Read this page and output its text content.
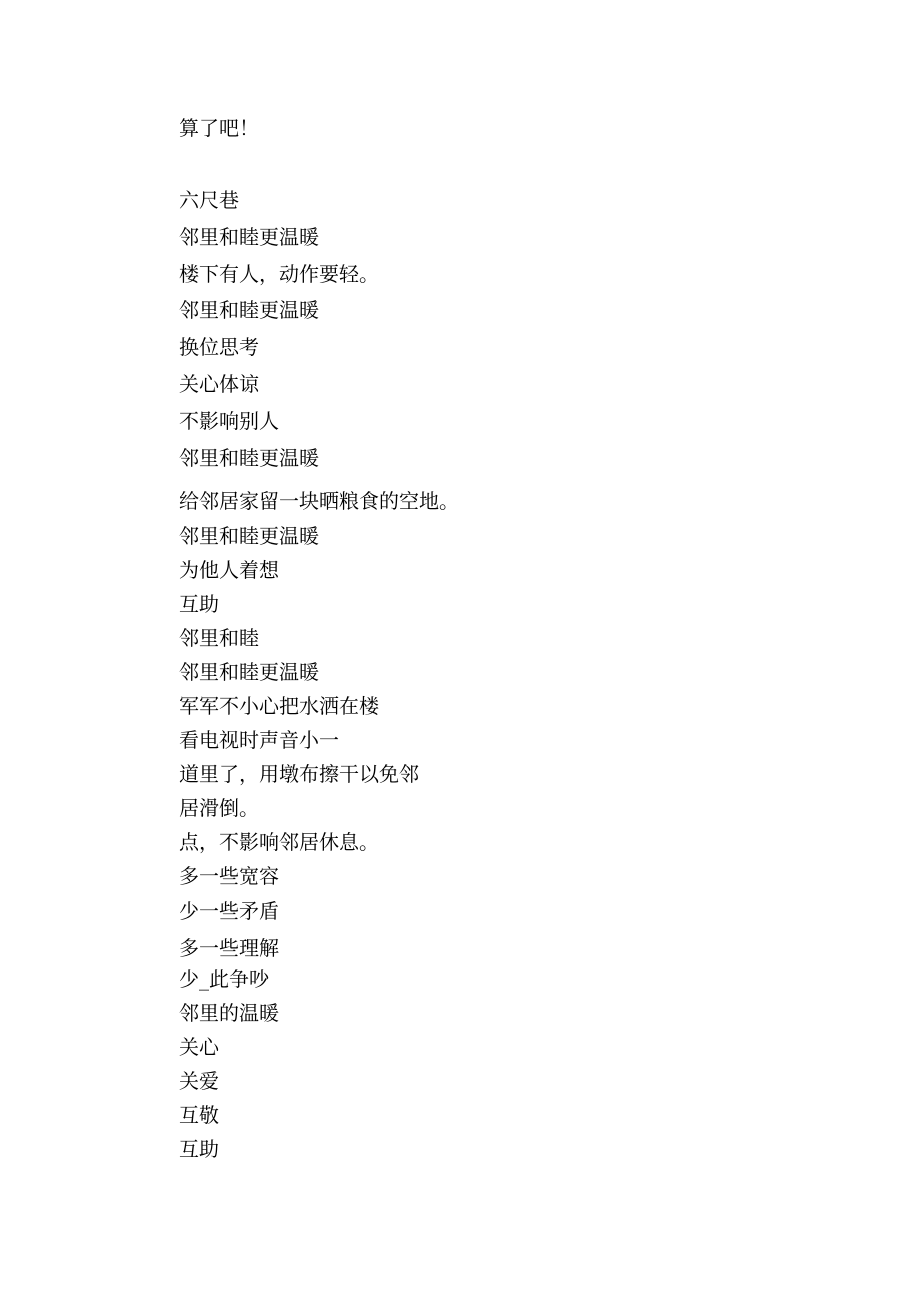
算了吧！

六尺巷

邻里和睦更温暖

楼下有人，动作要轻。

邻里和睦更温暖

换位思考

关心体谅

不影响别人

邻里和睦更温暖

给邻居家留一块晒粮食的空地。

邻里和睦更温暖

为他人着想

互助

邻里和睦

邻里和睦更温暖

军军不小心把水洒在楼

看电视时声音小一

道里了，用墩布擦干以免邻

居滑倒。

点，不影响邻居休息。

多一些宽容

少一些矛盾

多一些理解

少_此争吵

邻里的温暖

关心

关爱

互敬

互助
